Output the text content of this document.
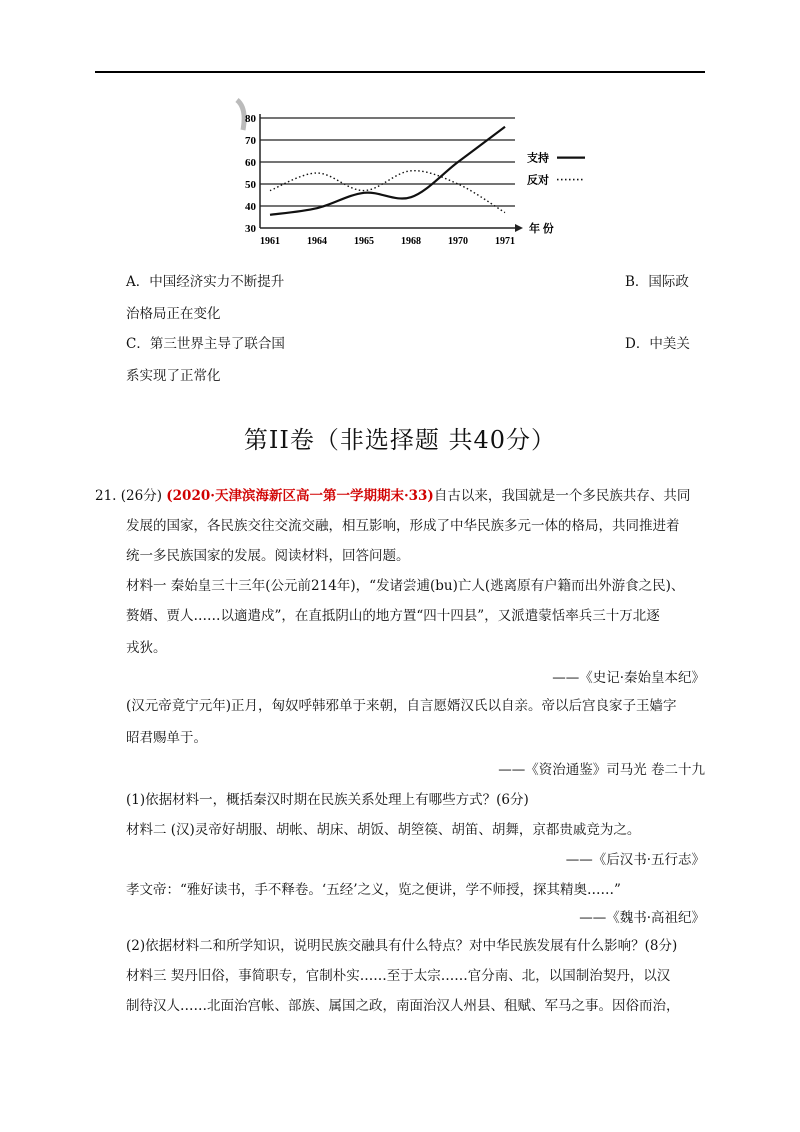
30
40
50
60
70
80
1961	1964	1965	1968	1970	1971
年 份
支持
反对
A．中国经济实力不断提升	B．国际政
治格局正在变化
C．第三世界主导了联合国	D．中美关
系实现了正常化
第II卷（非选择题 共40分）
21. (26分) (2020·天津滨海新区高一第一学期期末·33)自古以来，我国就是一个多民族共存、共同
发展的国家，各民族交往交流交融，相互影响，形成了中华民族多元一体的格局，共同推进着
统一多民族国家的发展。阅读材料，回答问题。
材料一 秦始皇三十三年(公元前214年)，“发诸尝逋(bu)亡人(逃离原有户籍而出外游食之民)、
赘婿、贾人……以適遣戍”，在直抵阴山的地方置“四十四县”，又派遣蒙恬率兵三十万北逐
戎狄。
——《史记·秦始皇本纪》
(汉元帝竟宁元年)正月，匈奴呼韩邪单于来朝，自言愿婿汉氏以自亲。帝以后宫良家子王嫱字
昭君赐单于。
——《资治通鉴》司马光 卷二十九
(1)依据材料一，概括秦汉时期在民族关系处理上有哪些方式？(6分)
材料二 (汉)灵帝好胡服、胡帐、胡床、胡饭、胡箜篌、胡笛、胡舞，京都贵戚竞为之。
——《后汉书·五行志》
孝文帝：“雅好读书，手不释卷。‘五经’之义，览之便讲，学不师授，探其精奥……”
——《魏书·高祖纪》
(2)依据材料二和所学知识，说明民族交融具有什么特点？对中华民族发展有什么影响？(8分)
材料三 契丹旧俗，事简职专，官制朴实……至于太宗……官分南、北，以国制治契丹，以汉
制待汉人……北面治宫帐、部族、属国之政，南面治汉人州县、租赋、军马之事。因俗而治，
